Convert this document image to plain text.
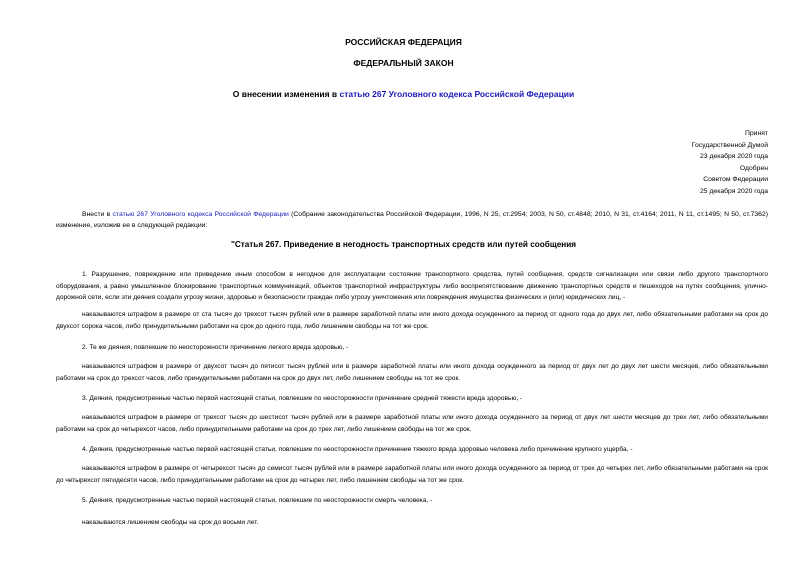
РОССИЙСКАЯ ФЕДЕРАЦИЯ
ФЕДЕРАЛЬНЫЙ ЗАКОН
О внесении изменения в статью 267 Уголовного кодекса Российской Федерации
Принят
Государственной Думой
23 декабря 2020 года
Одобрен
Советом Федерации
25 декабря 2020 года
Внести в статью 267 Уголовного кодекса Российской Федерации (Собрание законодательства Российской Федерации, 1996, N 25, ст.2954; 2003, N 50, ст.4848; 2010, N 31, ст.4164; 2011, N 11, ст.1495; N 50, ст.7362) изменение, изложив ее в следующей редакции:
"Статья 267. Приведение в негодность транспортных средств или путей сообщения
1. Разрушение, повреждение или приведение иным способом в негодное для эксплуатации состояние транспортного средства, путей сообщения, средств сигнализации или связи либо другого транспортного оборудования, а равно умышленное блокирование транспортных коммуникаций, объектов транспортной инфраструктуры либо воспрепятствование движению транспортных средств и пешеходов на путях сообщения, улично-дорожной сети, если эти деяния создали угрозу жизни, здоровью и безопасности граждан либо угрозу уничтожения или повреждения имущества физических и (или) юридических лиц, -
наказываются штрафом в размере от ста тысяч до трехсот тысяч рублей или в размере заработной платы или иного дохода осужденного за период от одного года до двух лет, либо обязательными работами на срок до двухсот сорока часов, либо принудительными работами на срок до одного года, либо лишением свободы на тот же срок.
2. Те же деяния, повлекшие по неосторожности причинение легкого вреда здоровью, -
наказываются штрафом в размере от двухсот тысяч до пятисот тысяч рублей или в размере заработной платы или иного дохода осужденного за период от двух лет до двух лет шести месяцев, либо обязательными работами на срок до трехсот часов, либо принудительными работами на срок до двух лет, либо лишением свободы на тот же срок.
3. Деяния, предусмотренные частью первой настоящей статьи, повлекшие по неосторожности причинение средней тяжести вреда здоровью, -
наказываются штрафом в размере от трехсот тысяч до шестисот тысяч рублей или в размере заработной платы или иного дохода осужденного за период от двух лет шести месяцев до трех лет, либо обязательными работами на срок до четырехсот часов, либо принудительными работами на срок до трех лет, либо лишением свободы на тот же срок.
4. Деяния, предусмотренные частью первой настоящей статьи, повлекшие по неосторожности причинение тяжкого вреда здоровью человека либо причинение крупного ущерба, -
наказываются штрафом в размере от четырехсот тысяч до семисот тысяч рублей или в размере заработной платы или иного дохода осужденного за период от трех до четырех лет, либо обязательными работами на срок до четырехсот пятидесяти часов, либо принудительными работами на срок до четырех лет, либо лишением свободы на тот же срок.
5. Деяния, предусмотренные частью первой настоящей статьи, повлекшие по неосторожности смерть человека, -
наказываются лишением свободы на срок до восьми лет.
